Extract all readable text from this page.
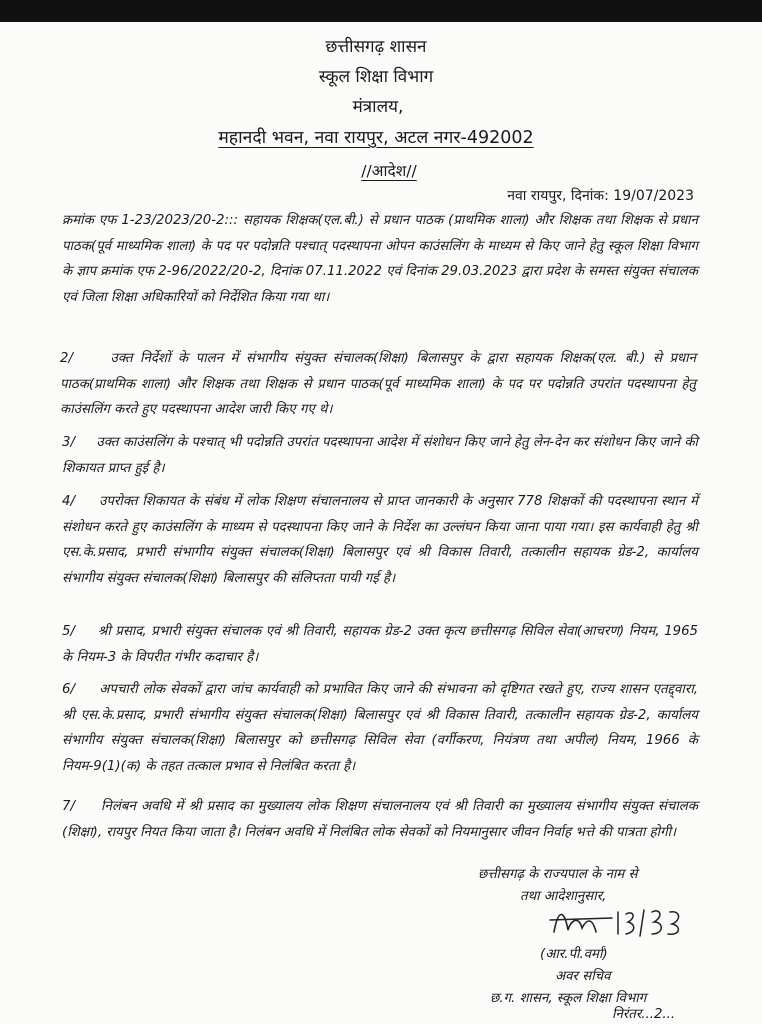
छत्तीसगढ़ शासन
स्कूल शिक्षा विभाग
मंत्रालय,
महानदी भवन, नवा रायपुर, अटल नगर-492002
//आदेश//
नवा रायपुर, दिनांक: 19/07/2023
क्रमांक एफ 1-23/2023/20-2::: सहायक शिक्षक(एल.बी.) से प्रधान पाठक (प्राथमिक शाला) और शिक्षक तथा शिक्षक से प्रधान पाठक(पूर्व माध्यमिक शाला) के पद पर पदोन्नति पश्चात् पदस्थापना ओपन काउंसलिंग के माध्यम से किए जाने हेतु स्कूल शिक्षा विभाग के ज्ञाप क्रमांक एफ 2-96/2022/20-2, दिनांक 07.11.2022 एवं दिनांक 29.03.2023 द्वारा प्रदेश के समस्त संयुक्त संचालक एवं जिला शिक्षा अधिकारियों को निर्देशित किया गया था।
2/	उक्त निर्देशों के पालन में संभागीय संयुक्त संचालक(शिक्षा) बिलासपुर के द्वारा सहायक शिक्षक(एल. बी.) से प्रधान पाठक(प्राथमिक शाला) और शिक्षक तथा शिक्षक से प्रधान पाठक(पूर्व माध्यमिक शाला) के पद पर पदोन्नति उपरांत पदस्थापना हेतु काउंसलिंग करते हुए पदस्थापना आदेश जारी किए गए थे।
3/ उक्त काउंसलिंग के पश्चात् भी पदोन्नति उपरांत पदस्थापना आदेश में संशोधन किए जाने हेतु लेन-देन कर संशोधन किए जाने की शिकायत प्राप्त हुई है।
4/ उपरोक्त शिकायत के संबंध में लोक शिक्षण संचालनालय से प्राप्त जानकारी के अनुसार 778 शिक्षकों की पदस्थापना स्थान में संशोधन करते हुए काउंसलिंग के माध्यम से पदस्थापना किए जाने के निर्देश का उल्लंघन किया जाना पाया गया। इस कार्यवाही हेतु श्री एस.के.प्रसाद, प्रभारी संभागीय संयुक्त संचालक(शिक्षा) बिलासपुर एवं श्री विकास तिवारी, तत्कालीन सहायक ग्रेड-2, कार्यालय संभागीय संयुक्त संचालक(शिक्षा) बिलासपुर की संलिप्तता पायी गई है।
5/ श्री प्रसाद, प्रभारी संयुक्त संचालक एवं श्री तिवारी, सहायक ग्रेड-2 उक्त कृत्य छत्तीसगढ़ सिविल सेवा(आचरण) नियम, 1965 के नियम-3 के विपरीत गंभीर कदाचार है।
6/ अपचारी लोक सेवकों द्वारा जांच कार्यवाही को प्रभावित किए जाने की संभावना को दृष्टिगत रखते हुए, राज्य शासन एतद्द्वारा, श्री एस.के.प्रसाद, प्रभारी संभागीय संयुक्त संचालक(शिक्षा) बिलासपुर एवं श्री विकास तिवारी, तत्कालीन सहायक ग्रेड-2, कार्यालय संभागीय संयुक्त संचालक(शिक्षा) बिलासपुर को छत्तीसगढ़ सिविल सेवा (वर्गीकरण, नियंत्रण तथा अपील) नियम, 1966 के नियम-9(1)(क) के तहत तत्काल प्रभाव से निलंबित करता है।
7/ निलंबन अवधि में श्री प्रसाद का मुख्यालय लोक शिक्षण संचालनालय एवं श्री तिवारी का मुख्यालय संभागीय संयुक्त संचालक (शिक्षा), रायपुर नियत किया जाता है। निलंबन अवधि में निलंबित लोक सेवकों को नियमानुसार जीवन निर्वाह भत्ते की पात्रता होगी।
छत्तीसगढ़ के राज्यपाल के नाम से
तथा आदेशानुसार,
(आर.पी.वर्मा)
अवर सचिव
छ.ग. शासन, स्कूल शिक्षा विभाग
निरंतर...2...
